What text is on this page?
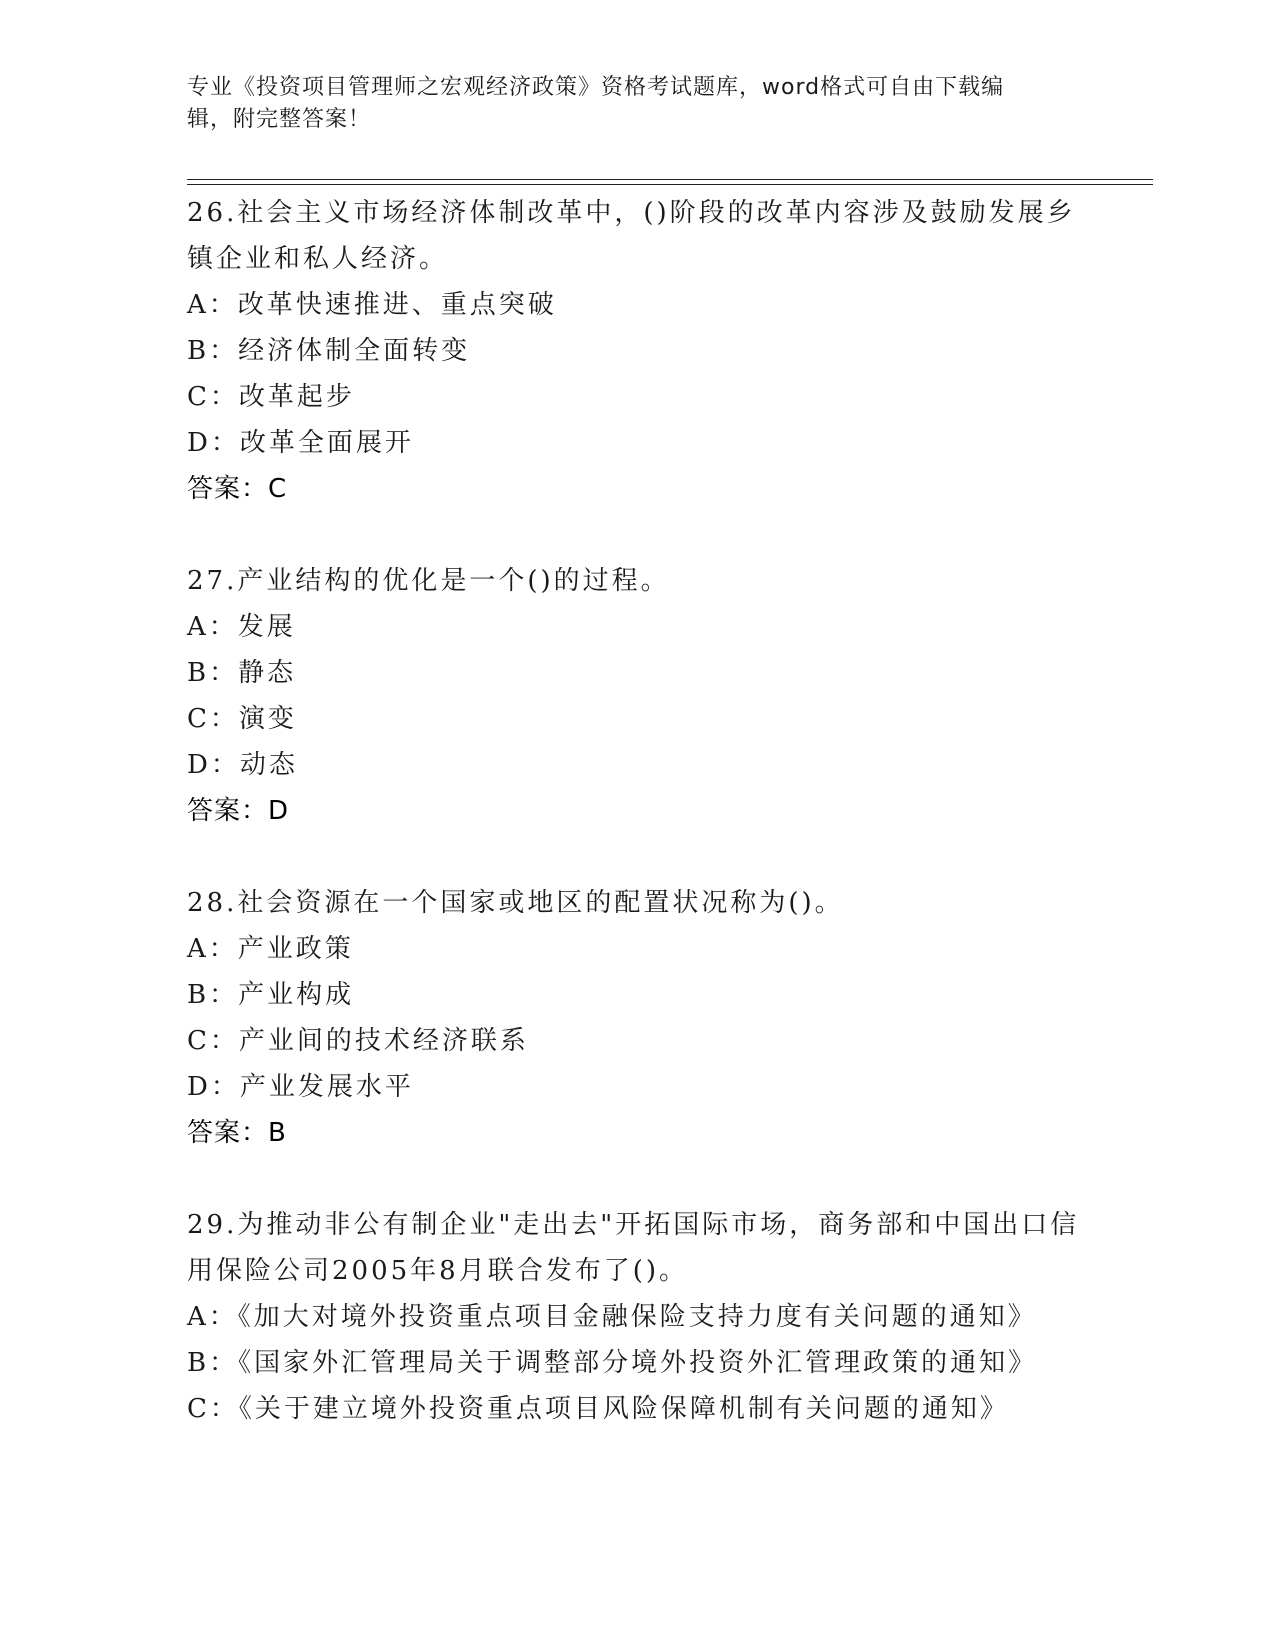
专业《投资项目管理师之宏观经济政策》资格考试题库，word格式可自由下载编
辑，附完整答案！
26.社会主义市场经济体制改革中，()阶段的改革内容涉及鼓励发展乡
镇企业和私人经济。
A：改革快速推进、重点突破
B：经济体制全面转变
C：改革起步
D：改革全面展开
答案：C
27.产业结构的优化是一个()的过程。
A：发展
B：静态
C：演变
D：动态
答案：D
28.社会资源在一个国家或地区的配置状况称为()。
A：产业政策
B：产业构成
C：产业间的技术经济联系
D：产业发展水平
答案：B
29.为推动非公有制企业"走出去"开拓国际市场，商务部和中国出口信
用保险公司2005年8月联合发布了()。
A：《加大对境外投资重点项目金融保险支持力度有关问题的通知》
B：《国家外汇管理局关于调整部分境外投资外汇管理政策的通知》
C：《关于建立境外投资重点项目风险保障机制有关问题的通知》
